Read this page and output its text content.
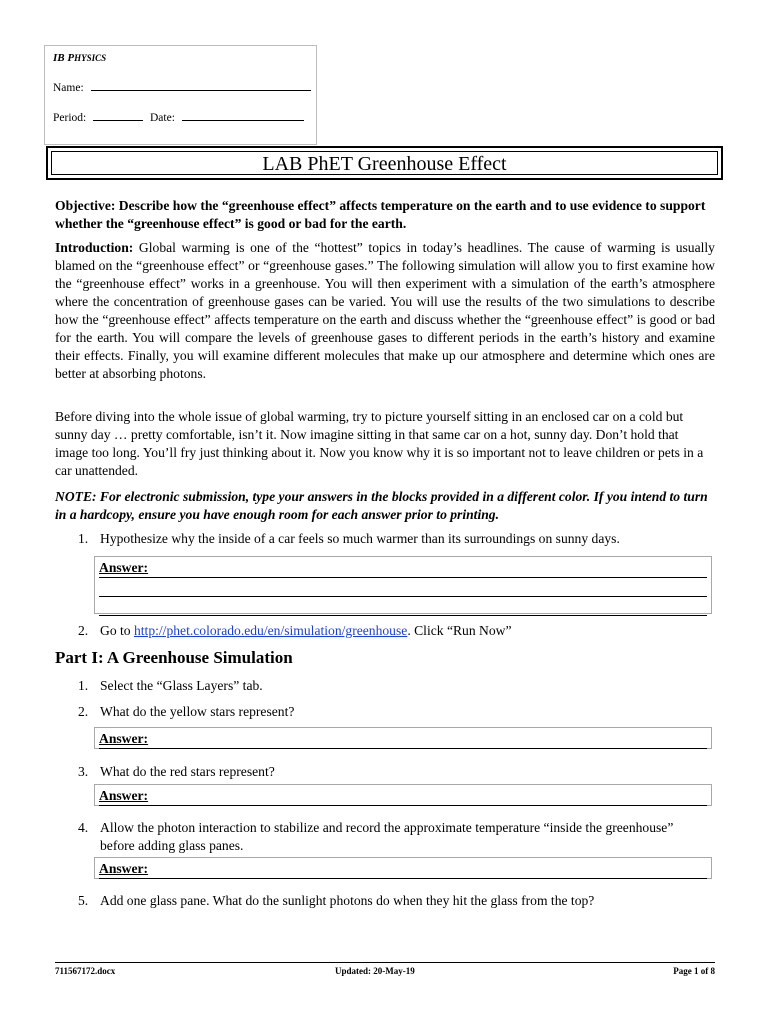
IB PHYSICS
Name:
Period:	Date:
LAB PhET Greenhouse Effect
Objective: Describe how the “greenhouse effect” affects temperature on the earth and to use evidence to support whether the “greenhouse effect” is good or bad for the earth.
Introduction: Global warming is one of the “hottest” topics in today’s headlines. The cause of warming is usually blamed on the “greenhouse effect” or “greenhouse gases.” The following simulation will allow you to first examine how the “greenhouse effect” works in a greenhouse. You will then experiment with a simulation of the earth’s atmosphere where the concentration of greenhouse gases can be varied. You will use the results of the two simulations to describe how the “greenhouse effect” affects temperature on the earth and discuss whether the “greenhouse effect” is good or bad for the earth. You will compare the levels of greenhouse gases to different periods in the earth’s history and examine their effects. Finally, you will examine different molecules that make up our atmosphere and determine which ones are better at absorbing photons.
Before diving into the whole issue of global warming, try to picture yourself sitting in an enclosed car on a cold but sunny day … pretty comfortable, isn’t it. Now imagine sitting in that same car on a hot, sunny day. Don’t hold that image too long. You’ll fry just thinking about it. Now you know why it is so important not to leave children or pets in a car unattended.
NOTE: For electronic submission, type your answers in the blocks provided in a different color. If you intend to turn in a hardcopy, ensure you have enough room for each answer prior to printing.
1. Hypothesize why the inside of a car feels so much warmer than its surroundings on sunny days.
Answer:
2. Go to http://phet.colorado.edu/en/simulation/greenhouse. Click “Run Now”
Part I: A Greenhouse Simulation
1. Select the “Glass Layers” tab.
2. What do the yellow stars represent?
Answer:
3. What do the red stars represent?
Answer:
4. Allow the photon interaction to stabilize and record the approximate temperature “inside the greenhouse” before adding glass panes.
Answer:
5. Add one glass pane. What do the sunlight photons do when they hit the glass from the top?
711567172.docx	Updated: 20-May-19	Page 1 of 8
